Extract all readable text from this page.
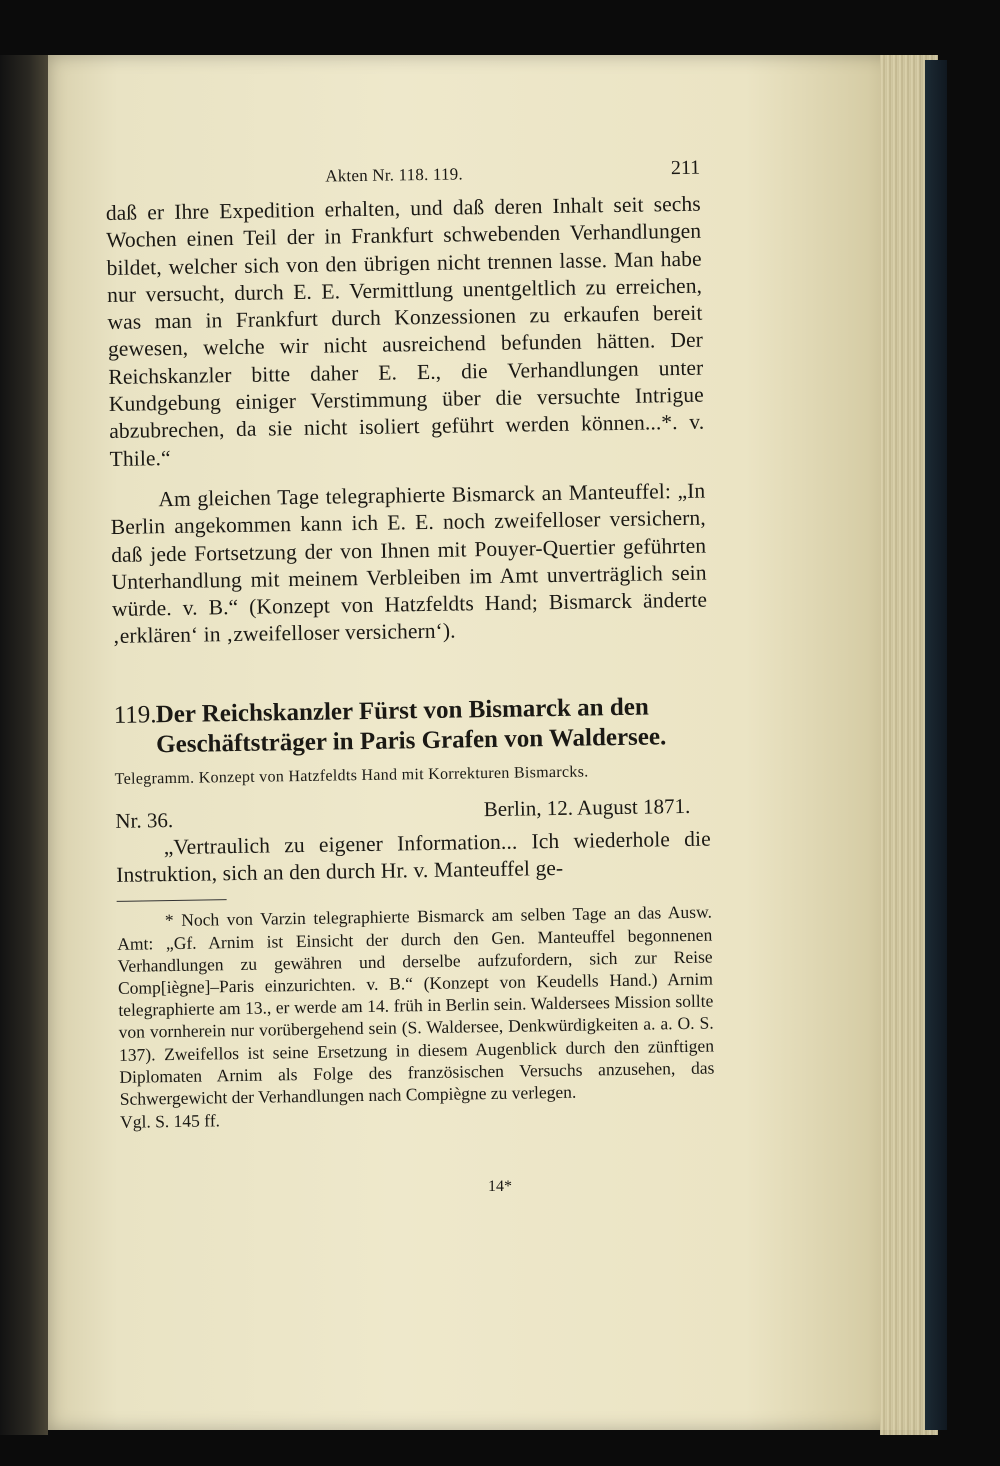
Akten Nr. 118. 119.	211

daß er Ihre Expedition erhalten, und daß deren Inhalt seit sechs Wochen einen Teil der in Frankfurt schwebenden Verhandlungen bildet, welcher sich von den übrigen nicht trennen lasse. Man habe nur versucht, durch E. E. Vermittlung unentgeltlich zu erreichen, was man in Frankfurt durch Konzessionen zu erkaufen bereit gewesen, welche wir nicht ausreichend befunden hätten. Der Reichskanzler bitte daher E. E., die Verhandlungen unter Kundgebung einiger Verstimmung über die versuchte Intrigue abzubrechen, da sie nicht isoliert geführt werden können...*. v. Thile.“

Am gleichen Tage telegraphierte Bismarck an Manteuffel: „In Berlin angekommen kann ich E. E. noch zweifelloser versichern, daß jede Fortsetzung der von Ihnen mit Pouyer-Quertier geführten Unterhandlung mit meinem Verbleiben im Amt unverträglich sein würde. v. B.“ (Konzept von Hatzfeldts Hand; Bismarck änderte ‚erklären‘ in ‚zweifelloser versichern‘).

119.Der Reichskanzler Fürst von Bismarck an den
Geschäftsträger in Paris Grafen von Waldersee.
Telegramm. Konzept von Hatzfeldts Hand mit Korrekturen Bismarcks.
Nr. 36.	Berlin, 12. August 1871.

„Vertraulich zu eigener Information... Ich wiederhole die Instruktion, sich an den durch Hr. v. Manteuffel ge-

* Noch von Varzin telegraphierte Bismarck am selben Tage an das Ausw. Amt: „Gf. Arnim ist Einsicht der durch den Gen. Manteuffel begonnenen Verhandlungen zu gewähren und derselbe aufzufordern, sich zur Reise Comp[iègne]–Paris einzurichten. v. B.“ (Konzept von Keudells Hand.) Arnim telegraphierte am 13., er werde am 14. früh in Berlin sein. Waldersees Mission sollte von vornherein nur vorübergehend sein (S. Waldersee, Denkwürdigkeiten a. a. O. S. 137). Zweifellos ist seine Ersetzung in diesem Augenblick durch den zünftigen Diplomaten Arnim als Folge des französischen Versuchs anzusehen, das Schwergewicht der Verhandlungen nach Compiègne zu verlegen.

Vgl. S. 145 ff.
14*
